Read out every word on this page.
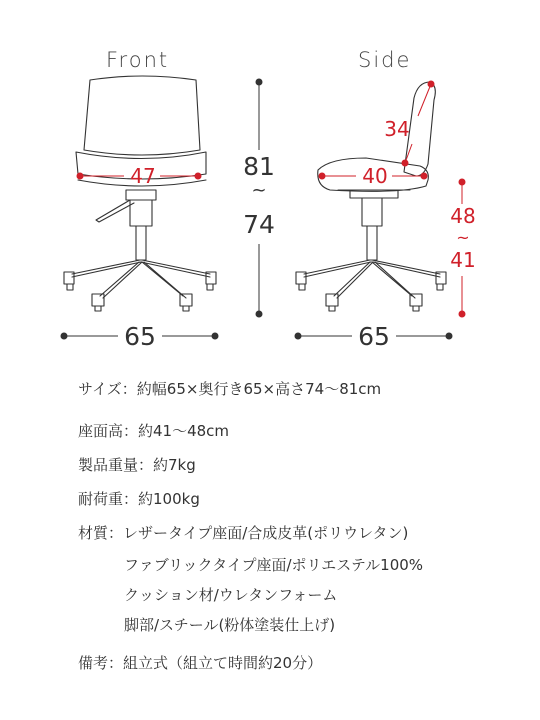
Front	Side
47
65
81
~
74
34
40
65
48
~
41
サイズ：約幅65×奥行き65×高さ74〜81cm
座面高：約41〜48cm
製品重量：約7kg
耐荷重：約100kg
材質：レザータイプ座面/合成皮革(ポリウレタン)
ファブリックタイプ座面/ポリエステル100%
クッション材/ウレタンフォーム
脚部/スチール(粉体塗装仕上げ)
備考：組立式（組立て時間約20分）
